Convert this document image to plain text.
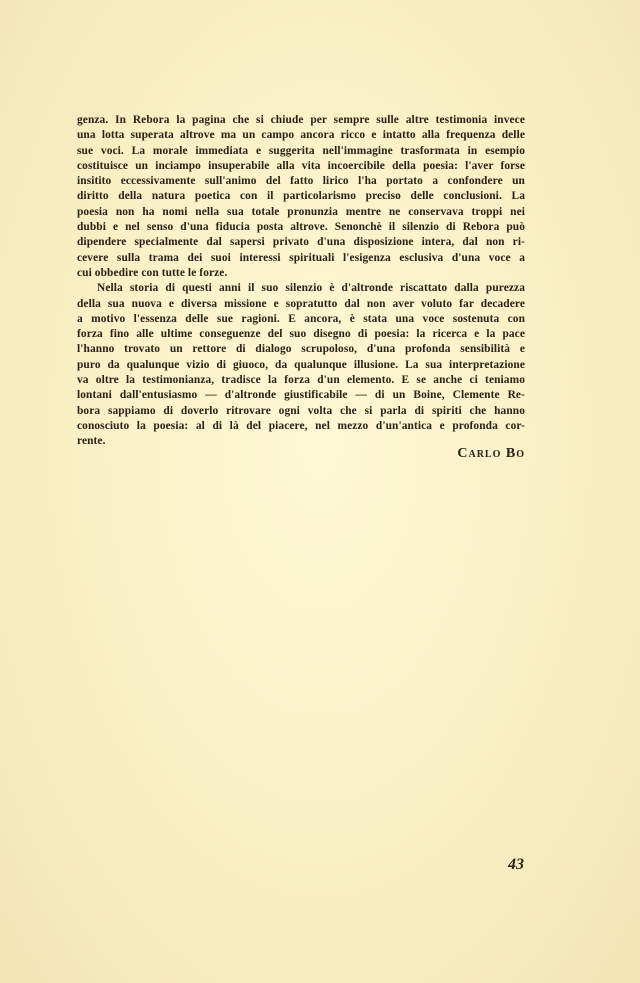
genza. In Rebora la pagina che si chiude per sempre sulle altre testimonia invece
una lotta superata altrove ma un campo ancora ricco e intatto alla frequenza delle
sue voci. La morale immediata e suggerita nell'immagine trasformata in esempio
costituisce un inciampo insuperabile alla vita incoercibile della poesia: l'aver forse
insitito eccessivamente sull'animo del fatto lirico l'ha portato a confondere un
diritto della natura poetica con il particolarismo preciso delle conclusioni. La
poesia non ha nomi nella sua totale pronunzia mentre ne conservava troppi nei
dubbi e nel senso d'una fiducia posta altrove. Senonchè il silenzio di Rebora può
dipendere specialmente dal sapersi privato d'una disposizione intera, dal non ri-
cevere sulla trama dei suoi interessi spirituali l'esigenza esclusiva d'una voce a
cui obbedire con tutte le forze.
Nella storia di questi anni il suo silenzio è d'altronde riscattato dalla purezza
della sua nuova e diversa missione e sopratutto dal non aver voluto far decadere
a motivo l'essenza delle sue ragioni. E ancora, è stata una voce sostenuta con
forza fino alle ultime conseguenze del suo disegno di poesia: la ricerca e la pace
l'hanno trovato un rettore di dialogo scrupoloso, d'una profonda sensibilità e
puro da qualunque vizio di giuoco, da qualunque illusione. La sua interpretazione
va oltre la testimonianza, tradisce la forza d'un elemento. E se anche ci teniamo
lontani dall'entusiasmo — d'altronde giustificabile — di un Boine, Clemente Re-
bora sappiamo di doverlo ritrovare ogni volta che si parla di spiriti che hanno
conosciuto la poesia: al di là del piacere, nel mezzo d'un'antica e profonda cor-
rente.
Carlo Bo
43
